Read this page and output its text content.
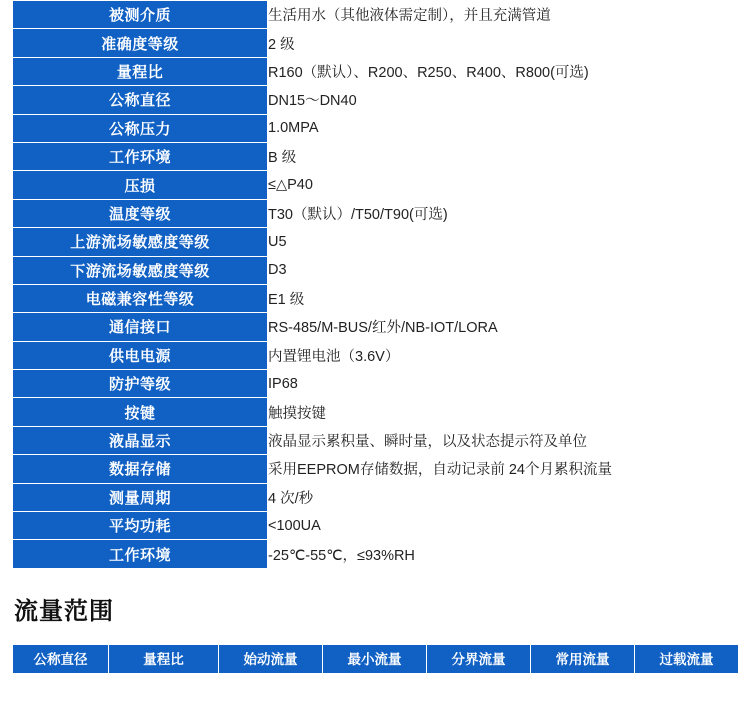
被测介质	生活用水（其他液体需定制），并且充满管道
准确度等级	2 级
量程比	R160（默认）、R200、R250、R400、R800(可选)
公称直径	DN15～DN40
公称压力	1.0MPA
工作环境	B 级
压损	≤△P40
温度等级	T30（默认）/T50/T90(可选)
上游流场敏感度等级	U5
下游流场敏感度等级	D3
电磁兼容性等级	E1 级
通信接口	RS-485/M-BUS/红外/NB-IOT/LORA
供电电源	内置锂电池（3.6V）
防护等级	IP68
按键	触摸按键
液晶显示	液晶显示累积量、瞬时量，以及状态提示符及单位
数据存储	采用EEPROM存储数据，自动记录前 24个月累积流量
测量周期	4 次/秒
平均功耗	<100UA
工作环境	-25℃-55℃，≤93%RH
流量范围
公称直径	量程比	始动流量	最小流量	分界流量	常用流量	过载流量
